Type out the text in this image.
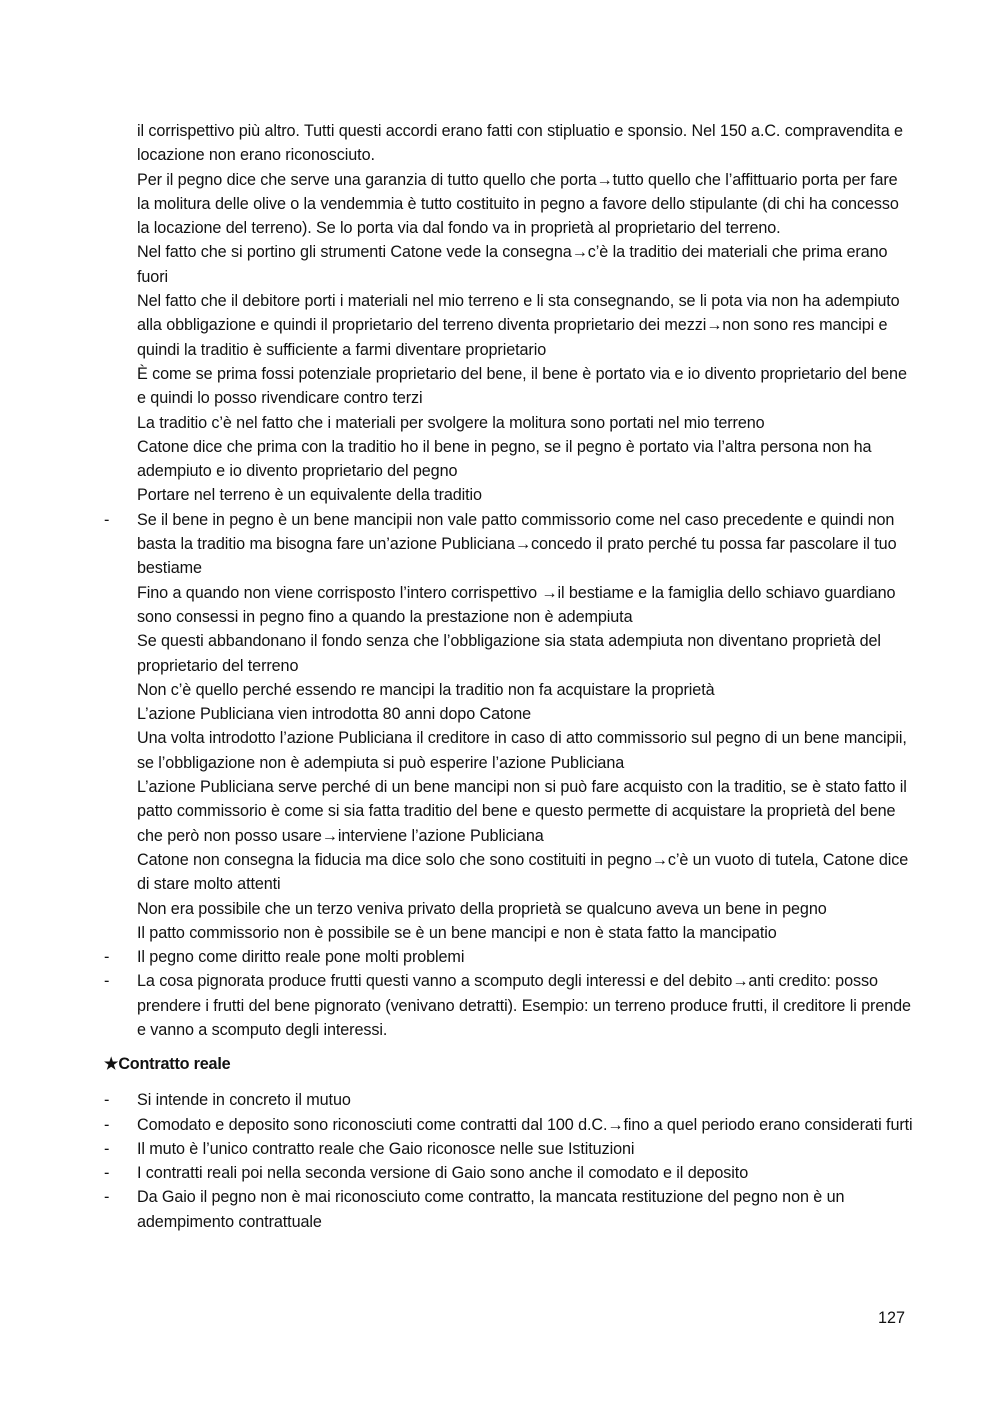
il corrispettivo più altro. Tutti questi accordi erano fatti con stipluatio e sponsio. Nel 150 a.C. compravendita e locazione non erano riconosciuto.

Per il pegno dice che serve una garanzia di tutto quello che porta→tutto quello che l’affittuario porta per fare la molitura delle olive o la vendemmia è tutto costituito in pegno a favore dello stipulante (di chi ha concesso la locazione del terreno). Se lo porta via dal fondo va in proprietà al proprietario del terreno.

Nel fatto che si portino gli strumenti Catone vede la consegna→c’è la traditio dei materiali che prima erano fuori

Nel fatto che il debitore porti i materiali nel mio terreno e li sta consegnando, se li pota via non ha adempiuto alla obbligazione e quindi il proprietario del terreno diventa proprietario dei mezzi→non sono res mancipi e quindi la traditio è sufficiente a farmi diventare proprietario

È come se prima fossi potenziale proprietario del bene, il bene è portato via e io divento proprietario del bene e quindi lo posso rivendicare contro terzi

La traditio c’è nel fatto che i materiali per svolgere la molitura sono portati nel mio terreno

Catone dice che prima con la traditio ho il bene in pegno, se il pegno è portato via l’altra persona non ha adempiuto e io divento proprietario del pegno

Portare nel terreno è un equivalente della traditio

- Se il bene in pegno è un bene mancipii non vale patto commissorio come nel caso precedente e quindi non basta la traditio ma bisogna fare un’azione Publiciana→concedo il prato perché tu possa far pascolare il tuo bestiame

Fino a quando non viene corrisposto l’intero corrispettivo →il bestiame e la famiglia dello schiavo guardiano sono consessi in pegno fino a quando la prestazione non è adempiuta

Se questi abbandonano il fondo senza che l’obbligazione sia stata adempiuta non diventano proprietà del proprietario del terreno

Non c’è quello perché essendo re mancipi la traditio non fa acquistare la proprietà

L’azione Publiciana vien introdotta 80 anni dopo Catone

Una volta introdotto l’azione Publiciana il creditore in caso di atto commissorio sul pegno di un bene mancipii, se l’obbligazione non è adempiuta si può esperire l’azione Publiciana

L’azione Publiciana serve perché di un bene mancipi non si può fare acquisto con la traditio, se è stato fatto il patto commissorio è come si sia fatta traditio del bene e questo permette di acquistare la proprietà del bene che però non posso usare→interviene l’azione Publiciana

Catone non consegna la fiducia ma dice solo che sono costituiti in pegno→c’è un vuoto di tutela, Catone dice di stare molto attenti

Non era possibile che un terzo veniva privato della proprietà se qualcuno aveva un bene in pegno

Il patto commissorio non è possibile se è un bene mancipi e non è stata fatto la mancipatio

- Il pegno come diritto reale pone molti problemi

- La cosa pignorata produce frutti questi vanno a scomputo degli interessi e del debito→anti credito: posso prendere i frutti del bene pignorato (venivano detratti). Esempio: un terreno produce frutti, il creditore li prende e vanno a scomputo degli interessi.

★Contratto reale

- Si intende in concreto il mutuo

- Comodato e deposito sono riconosciuti come contratti dal 100 d.C.→fino a quel periodo erano considerati furti

- Il muto è l’unico contratto reale che Gaio riconosce nelle sue Istituzioni

- I contratti reali poi nella seconda versione di Gaio sono anche il comodato e il deposito

- Da Gaio il pegno non è mai riconosciuto come contratto, la mancata restituzione del pegno non è un adempimento contrattuale

127
